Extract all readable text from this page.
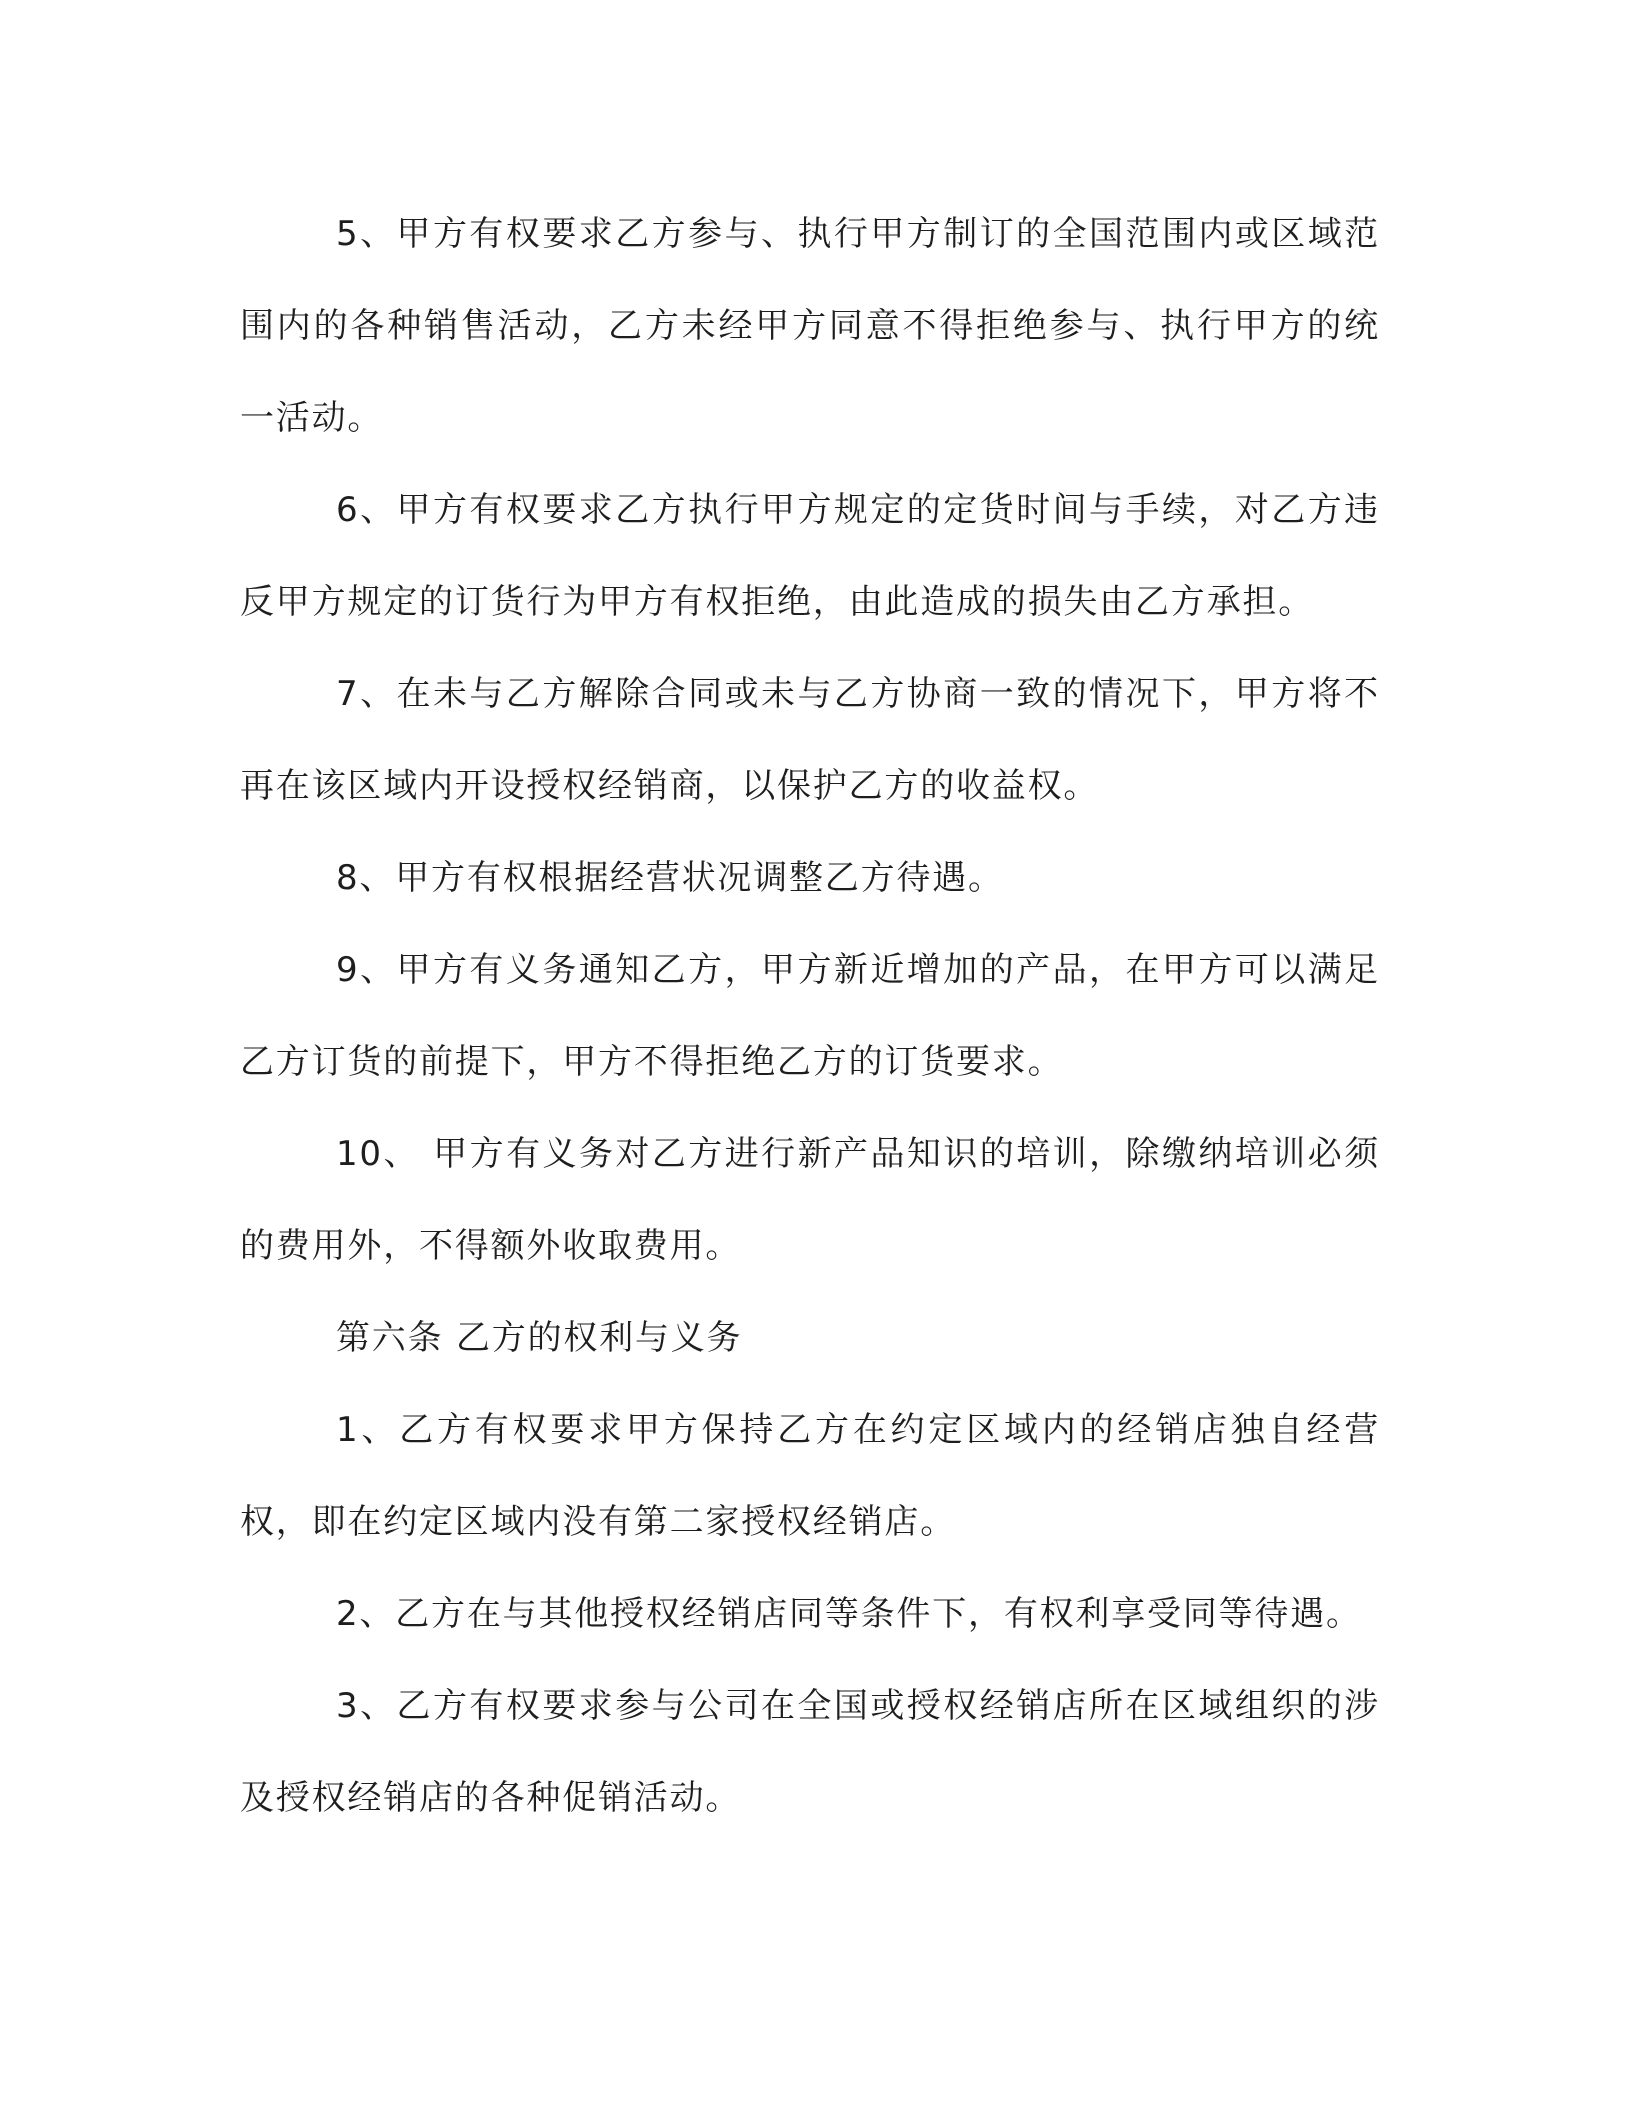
5、甲方有权要求乙方参与、执行甲方制订的全国范围内或区域范围内的各种销售活动，乙方未经甲方同意不得拒绝参与、执行甲方的统一活动。

6、甲方有权要求乙方执行甲方规定的定货时间与手续，对乙方违反甲方规定的订货行为甲方有权拒绝，由此造成的损失由乙方承担。

7、在未与乙方解除合同或未与乙方协商一致的情况下，甲方将不再在该区域内开设授权经销商，以保护乙方的收益权。

8、甲方有权根据经营状况调整乙方待遇。

9、甲方有义务通知乙方，甲方新近增加的产品，在甲方可以满足乙方订货的前提下，甲方不得拒绝乙方的订货要求。

10、 甲方有义务对乙方进行新产品知识的培训，除缴纳培训必须的费用外，不得额外收取费用。

第六条 乙方的权利与义务

1、乙方有权要求甲方保持乙方在约定区域内的经销店独自经营权，即在约定区域内没有第二家授权经销店。

2、乙方在与其他授权经销店同等条件下，有权利享受同等待遇。

3、乙方有权要求参与公司在全国或授权经销店所在区域组织的涉及授权经销店的各种促销活动。
